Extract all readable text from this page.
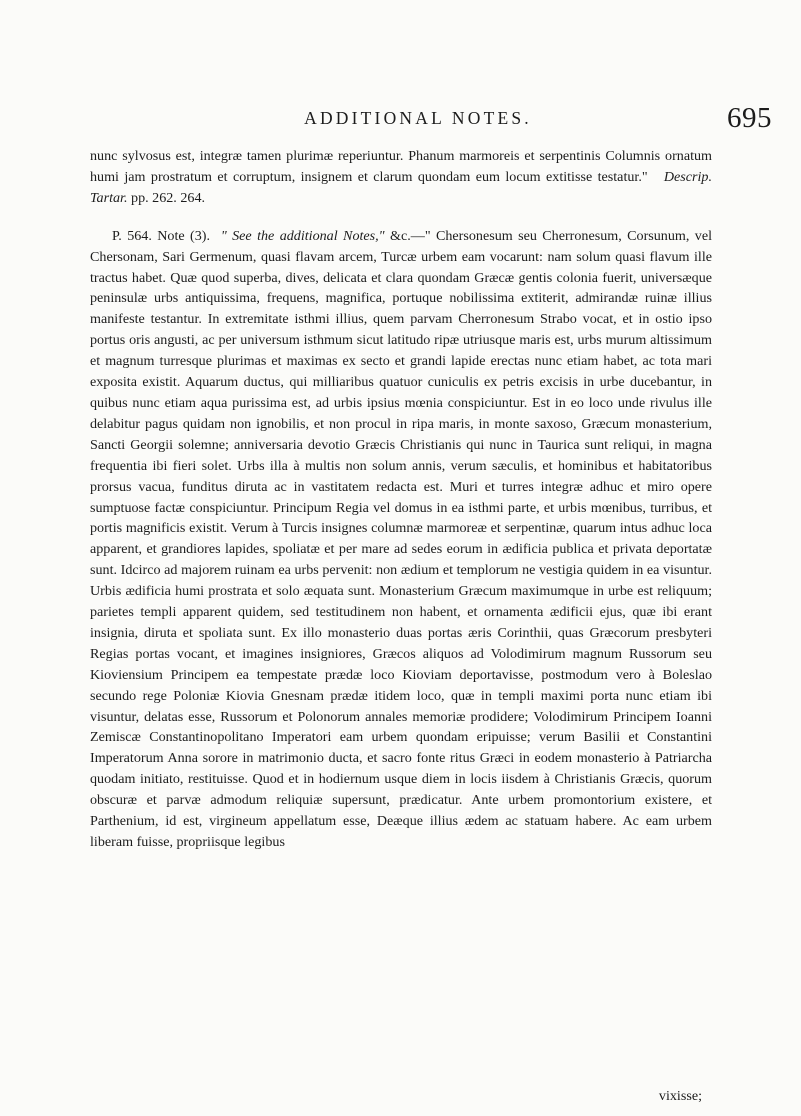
ADDITIONAL NOTES.	695

nunc sylvosus est, integræ tamen plurimæ reperiuntur. Phanum marmoreis et serpentinis Columnis ornatum humi jam prostratum et corruptum, insignem et clarum quondam eum locum extitisse testatur." Descrip. Tartar. pp. 262. 264.

P. 564. Note (3). " See the additional Notes," &c.—" Chersonesum seu Cherronesum, Corsunum, vel Chersonam, Sari Germenum, quasi flavam arcem, Turcæ urbem eam vocarunt: nam solum quasi flavum ille tractus habet. Quæ quod superba, dives, delicata et clara quondam Græcæ gentis colonia fuerit, universæque peninsulæ urbs antiquissima, frequens, magnifica, portuque nobilissima extiterit, admirandæ ruinæ illius manifeste testantur. In extremitate isthmi illius, quem parvam Cherronesum Strabo vocat, et in ostio ipso portus oris angusti, ac per universum isthmum sicut latitudo ripæ utriusque maris est, urbs murum altissimum et magnum turresque plurimas et maximas ex secto et grandi lapide erectas nunc etiam habet, ac tota mari exposita existit. Aquarum ductus, qui milliaribus quatuor cuniculis ex petris excisis in urbe ducebantur, in quibus nunc etiam aqua purissima est, ad urbis ipsius mœnia conspiciuntur. Est in eo loco unde rivulus ille delabitur pagus quidam non ignobilis, et non procul in ripa maris, in monte saxoso, Græcum monasterium, Sancti Georgii solemne; anniversaria devotio Græcis Christianis qui nunc in Taurica sunt reliqui, in magna frequentia ibi fieri solet. Urbs illa à multis non solum annis, verum sæculis, et hominibus et habitatoribus prorsus vacua, funditus diruta ac in vastitatem redacta est. Muri et turres integræ adhuc et miro opere sumptuose factæ conspiciuntur. Principum Regia vel domus in ea isthmi parte, et urbis mœnibus, turribus, et portis magnificis existit. Verum à Turcis insignes columnæ marmoreæ et serpentinæ, quarum intus adhuc loca apparent, et grandiores lapides, spoliatæ et per mare ad sedes eorum in ædificia publica et privata deportatæ sunt. Idcirco ad majorem ruinam ea urbs pervenit: non ædium et templorum ne vestigia quidem in ea visuntur. Urbis ædificia humi prostrata et solo æquata sunt. Monasterium Græcum maximumque in urbe est reliquum; parietes templi apparent quidem, sed testitudinem non habent, et ornamenta ædificii ejus, quæ ibi erant insignia, diruta et spoliata sunt. Ex illo monasterio duas portas æris Corinthii, quas Græcorum presbyteri Regias portas vocant, et imagines insigniores, Græcos aliquos ad Volodimirum magnum Russorum seu Kioviensium Principem ea tempestate prædæ loco Kioviam deportavisse, postmodum vero à Boleslao secundo rege Poloniæ Kiovia Gnesnam prædæ itidem loco, quæ in templi maximi porta nunc etiam ibi visuntur, delatas esse, Russorum et Polonorum annales memoriæ prodidere; Volodimirum Principem Ioanni Zemiscæ Constantinopolitano Imperatori eam urbem quondam eripuisse; verum Basilii et Constantini Imperatorum Anna sorore in matrimonio ducta, et sacro fonte ritus Græci in eodem monasterio à Patriarcha quodam initiato, restituisse. Quod et in hodiernum usque diem in locis iisdem à Christianis Græcis, quorum obscuræ et parvæ admodum reliquiæ supersunt, prædicatur. Ante urbem promontorium existere, et Parthenium, id est, virgineum appellatum esse, Deæque illius ædem ac statuam habere. Ac eam urbem liberam fuisse, propriisque legibus

vixisse;
